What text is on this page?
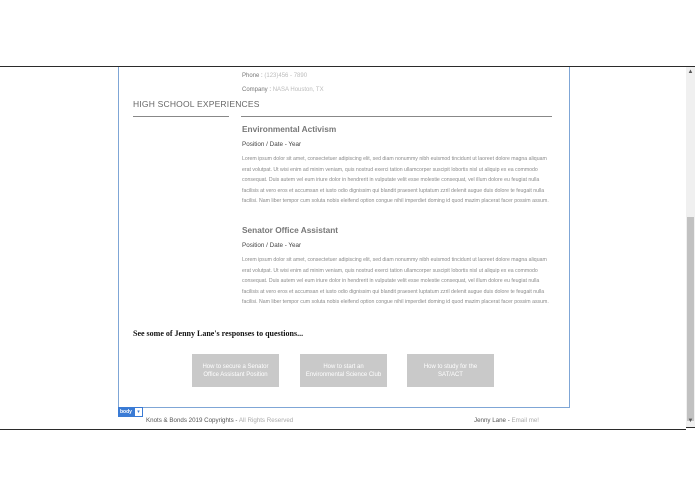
Phone : (123)456 - 7890
Company : NASA Houston, TX
HIGH SCHOOL EXPERIENCES
Environmental Activism
Position / Date - Year

Lorem ipsum dolor sit amet, consectetuer adipiscing elit, sed diam nonummy nibh euismod tincidunt ut laoreet dolore magna aliquam erat volutpat. Ut wisi enim ad minim veniam, quis nostrud exerci tation ullamcorper suscipit lobortis nisl ut aliquip ex ea commodo consequat. Duis autem vel eum iriure dolor in hendrerit in vulputate velit esse molestie consequat, vel illum dolore eu feugiat nulla facilisis at vero eros et accumsan et iusto odio dignissim qui blandit praesent luptatum zzril delenit augue duis dolore te feugait nulla facilisi. Nam liber tempor cum soluta nobis eleifend option congue nihil imperdiet doming id quod mazim placerat facer possim assum.

Senator Office Assistant
Position / Date - Year

Lorem ipsum dolor sit amet, consectetuer adipiscing elit, sed diam nonummy nibh euismod tincidunt ut laoreet dolore magna aliquam erat volutpat. Ut wisi enim ad minim veniam, quis nostrud exerci tation ullamcorper suscipit lobortis nisl ut aliquip ex ea commodo consequat. Duis autem vel eum iriure dolor in hendrerit in vulputate velit esse molestie consequat, vel illum dolore eu feugiat nulla facilisis at vero eros et accumsan et iusto odio dignissim qui blandit praesent luptatum zzril delenit augue duis dolore te feugait nulla facilisi. Nam liber tempor cum soluta nobis eleifend option congue nihil imperdiet doming id quod mazim placerat facer possim assum.

See some of Jenny Lane's responses to questions...
How to secure a Senator Office Assistant Position
How to start an Environmental Science Club
How to study for the SAT/ACT
body	▾
Knots & Bonds 2019 Copyrights - All Rights Reserved	Jenny Lane - Email me!
▲
▼
